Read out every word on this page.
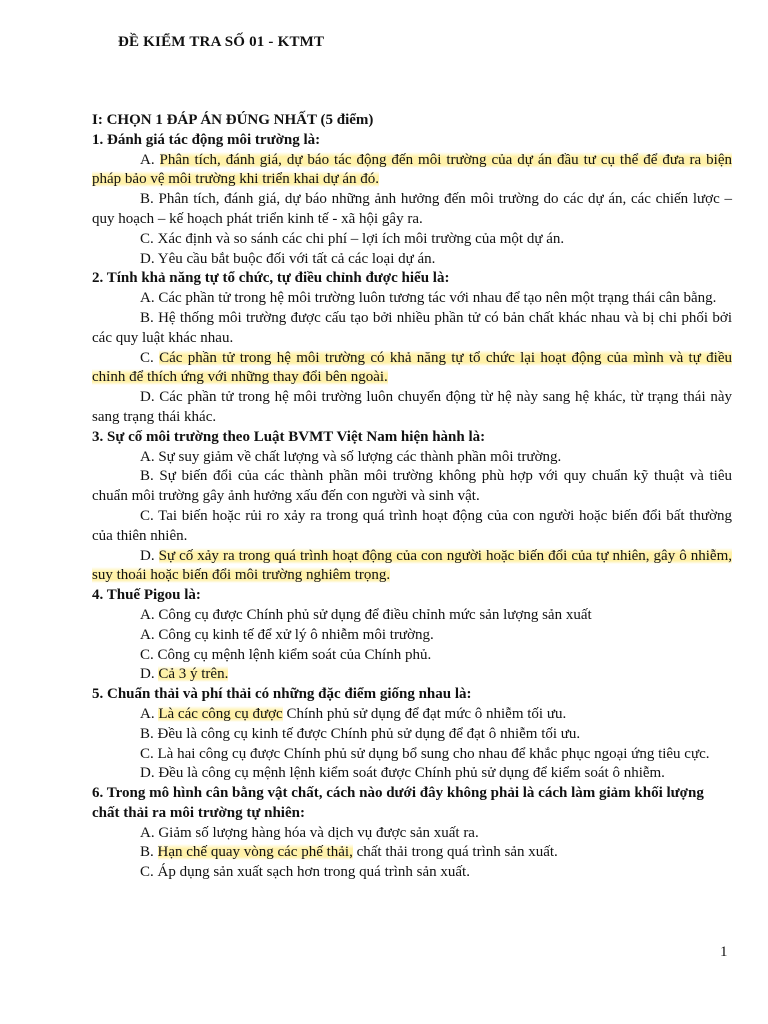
ĐỀ KIỂM TRA SỐ 01 - KTMT
I: CHỌN 1 ĐÁP ÁN ĐÚNG NHẤT (5 điểm)
1. Đánh giá tác động môi trường là:
A. Phân tích, đánh giá, dự báo tác động đến môi trường của dự án đầu tư cụ thể để đưa ra biện pháp bảo vệ môi trường khi triển khai dự án đó.
B. Phân tích, đánh giá, dự báo những ảnh hưởng đến môi trường do các dự án, các chiến lược – quy hoạch – kế hoạch phát triển kinh tế - xã hội gây ra.
C. Xác định và so sánh các chi phí – lợi ích môi trường của một dự án.
D. Yêu cầu bắt buộc đối với tất cả các loại dự án.
2. Tính khả năng tự tổ chức, tự điều chỉnh được hiểu là:
A. Các phần tử trong hệ môi trường luôn tương tác với nhau để tạo nên một trạng thái cân bằng.
B. Hệ thống môi trường được cấu tạo bởi nhiều phần tử có bản chất khác nhau và bị chi phối bởi các quy luật khác nhau.
C. Các phần tử trong hệ môi trường có khả năng tự tổ chức lại hoạt động của mình và tự điều chỉnh để thích ứng với những thay đổi bên ngoài.
D. Các phần tử trong hệ môi trường luôn chuyển động từ hệ này sang hệ khác, từ trạng thái này sang trạng thái khác.
3. Sự cố môi trường theo Luật BVMT Việt Nam hiện hành là:
A. Sự suy giảm về chất lượng và số lượng các thành phần môi trường.
B. Sự biến đổi của các thành phần môi trường không phù hợp với quy chuẩn kỹ thuật và tiêu chuẩn môi trường gây ảnh hưởng xấu đến con người và sinh vật.
C. Tai biến hoặc rủi ro xảy ra trong quá trình hoạt động của con người hoặc biến đổi bất thường của thiên nhiên.
D. Sự cố xảy ra trong quá trình hoạt động của con người hoặc biến đổi của tự nhiên, gây ô nhiễm, suy thoái hoặc biến đổi môi trường nghiêm trọng.
4. Thuế Pigou là:
A. Công cụ được Chính phủ sử dụng để điều chỉnh mức sản lượng sản xuất
A. Công cụ kinh tế để xử lý ô nhiễm môi trường.
C. Công cụ mệnh lệnh kiểm soát của Chính phủ.
D. Cả 3 ý trên.
5. Chuẩn thải và phí thải có những đặc điểm giống nhau là:
A. Là các công cụ được Chính phủ sử dụng để đạt mức ô nhiễm tối ưu.
B. Đều là công cụ kinh tế được Chính phủ sử dụng để đạt ô nhiễm tối ưu.
C. Là hai công cụ được Chính phủ sử dụng bổ sung cho nhau để khắc phục ngoại ứng tiêu cực.
D. Đều là công cụ mệnh lệnh kiểm soát được Chính phủ sử dụng để kiểm soát ô nhiễm.
6. Trong mô hình cân bằng vật chất, cách nào dưới đây không phải là cách làm giảm khối lượng chất thải ra môi trường tự nhiên:
A. Giảm số lượng hàng hóa và dịch vụ được sản xuất ra.
B. Hạn chế quay vòng các phế thải, chất thải trong quá trình sản xuất.
C. Áp dụng sản xuất sạch hơn trong quá trình sản xuất.
1
